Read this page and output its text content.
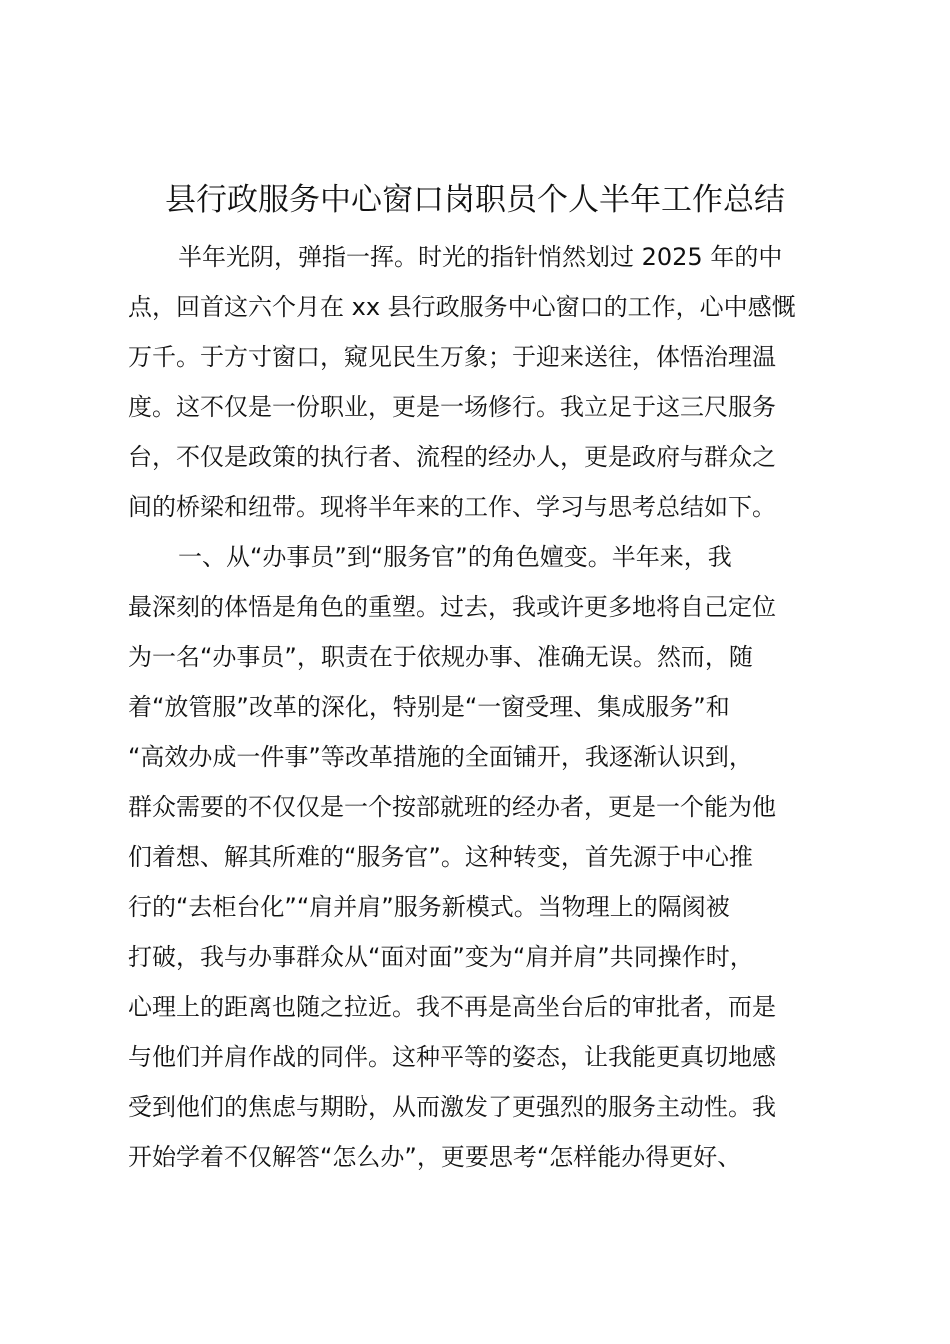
县行政服务中心窗口岗职员个人半年工作总结
半年光阴，弹指一挥。时光的指针悄然划过 2025 年的中
点，回首这六个月在 xx 县行政服务中心窗口的工作，心中感慨
万千。于方寸窗口，窥见民生万象；于迎来送往，体悟治理温
度。这不仅是一份职业，更是一场修行。我立足于这三尺服务
台，不仅是政策的执行者、流程的经办人，更是政府与群众之
间的桥梁和纽带。现将半年来的工作、学习与思考总结如下。
一、从“办事员”到“服务官”的角色嬗变。半年来，我
最深刻的体悟是角色的重塑。过去，我或许更多地将自己定位
为一名“办事员”，职责在于依规办事、准确无误。然而，随
着“放管服”改革的深化，特别是“一窗受理、集成服务”和
“高效办成一件事”等改革措施的全面铺开，我逐渐认识到，
群众需要的不仅仅是一个按部就班的经办者，更是一个能为他
们着想、解其所难的“服务官”。这种转变，首先源于中心推
行的“去柜台化”“肩并肩”服务新模式。当物理上的隔阂被
打破，我与办事群众从“面对面”变为“肩并肩”共同操作时，
心理上的距离也随之拉近。我不再是高坐台后的审批者，而是
与他们并肩作战的同伴。这种平等的姿态，让我能更真切地感
受到他们的焦虑与期盼，从而激发了更强烈的服务主动性。我
开始学着不仅解答“怎么办”，更要思考“怎样能办得更好、
